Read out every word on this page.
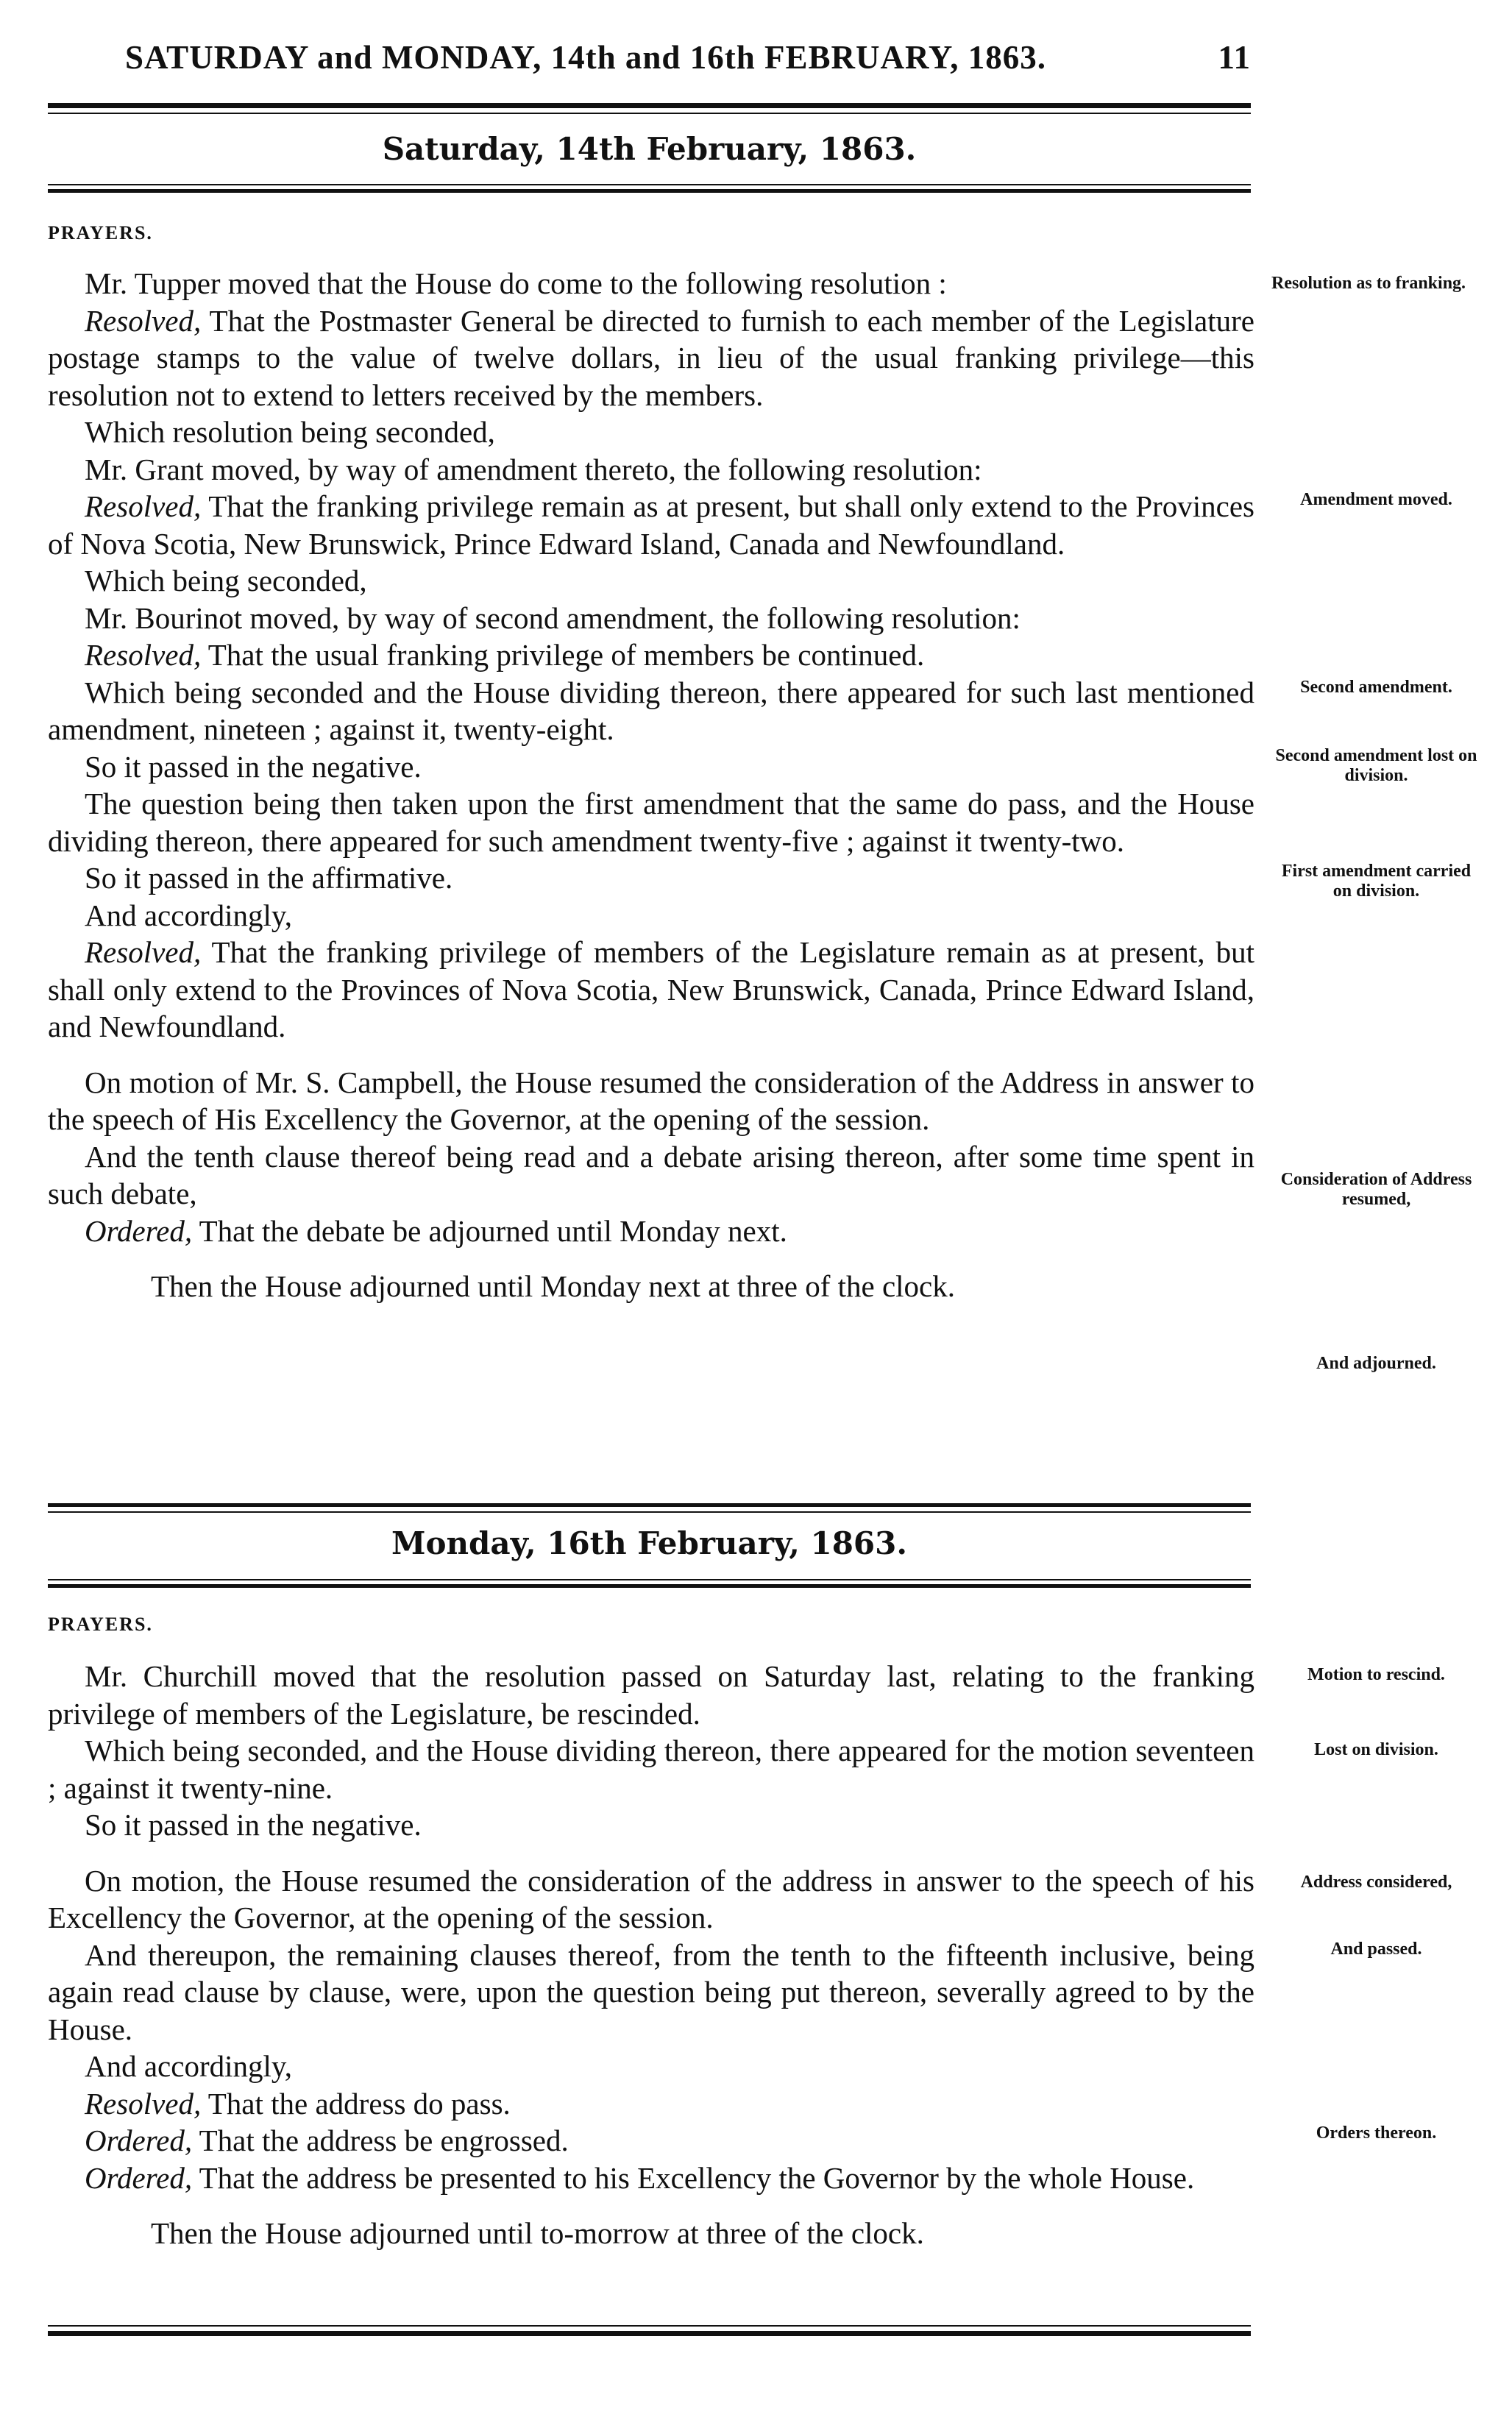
SATURDAY and MONDAY, 14th and 16th FEBRUARY, 1863.	11
Saturday, 14th February, 1863.
PRAYERS.

Mr. Tupper moved that the House do come to the following resolution :

Resolved, That the Postmaster General be directed to furnish to each member of the Legislature postage stamps to the value of twelve dollars, in lieu of the usual franking privilege—this resolution not to extend to letters received by the members.

Which resolution being seconded,

Mr. Grant moved, by way of amendment thereto, the following resolution:

Resolved, That the franking privilege remain as at present, but shall only extend to the Provinces of Nova Scotia, New Brunswick, Prince Edward Island, Canada and Newfoundland.

Which being seconded,

Mr. Bourinot moved, by way of second amendment, the following resolution:

Resolved, That the usual franking privilege of members be continued.

Which being seconded and the House dividing thereon, there appeared for such last mentioned amendment, nineteen ; against it, twenty-eight.

So it passed in the negative.

The question being then taken upon the first amendment that the same do pass, and the House dividing thereon, there appeared for such amendment twenty-five ; against it twenty-two.

So it passed in the affirmative.

And accordingly,

Resolved, That the franking privilege of members of the Legislature remain as at present, but shall only extend to the Provinces of Nova Scotia, New Brunswick, Canada, Prince Edward Island, and Newfoundland.

On motion of Mr. S. Campbell, the House resumed the consideration of the Address in answer to the speech of His Excellency the Governor, at the opening of the session.

And the tenth clause thereof being read and a debate arising thereon, after some time spent in such debate,

Ordered, That the debate be adjourned until Monday next.

Then the House adjourned until Monday next at three of the clock.

Resolution as to franking.
Amendment moved.
Second amendment.
Second amendment lost on division.
First amendment carried on division.
Consideration of Address resumed,
And adjourned.
Monday, 16th February, 1863.
PRAYERS.

Mr. Churchill moved that the resolution passed on Saturday last, relating to the franking privilege of members of the Legislature, be rescinded.

Which being seconded, and the House dividing thereon, there appeared for the motion seventeen ; against it twenty-nine.

So it passed in the negative.

On motion, the House resumed the consideration of the address in answer to the speech of his Excellency the Governor, at the opening of the session.

And thereupon, the remaining clauses thereof, from the tenth to the fifteenth inclusive, being again read clause by clause, were, upon the question being put thereon, severally agreed to by the House.

And accordingly,

Resolved, That the address do pass.

Ordered, That the address be engrossed.

Ordered, That the address be presented to his Excellency the Governor by the whole House.

Then the House adjourned until to-morrow at three of the clock.

Motion to rescind.
Lost on division.
Address considered,
And passed.
Orders thereon.
